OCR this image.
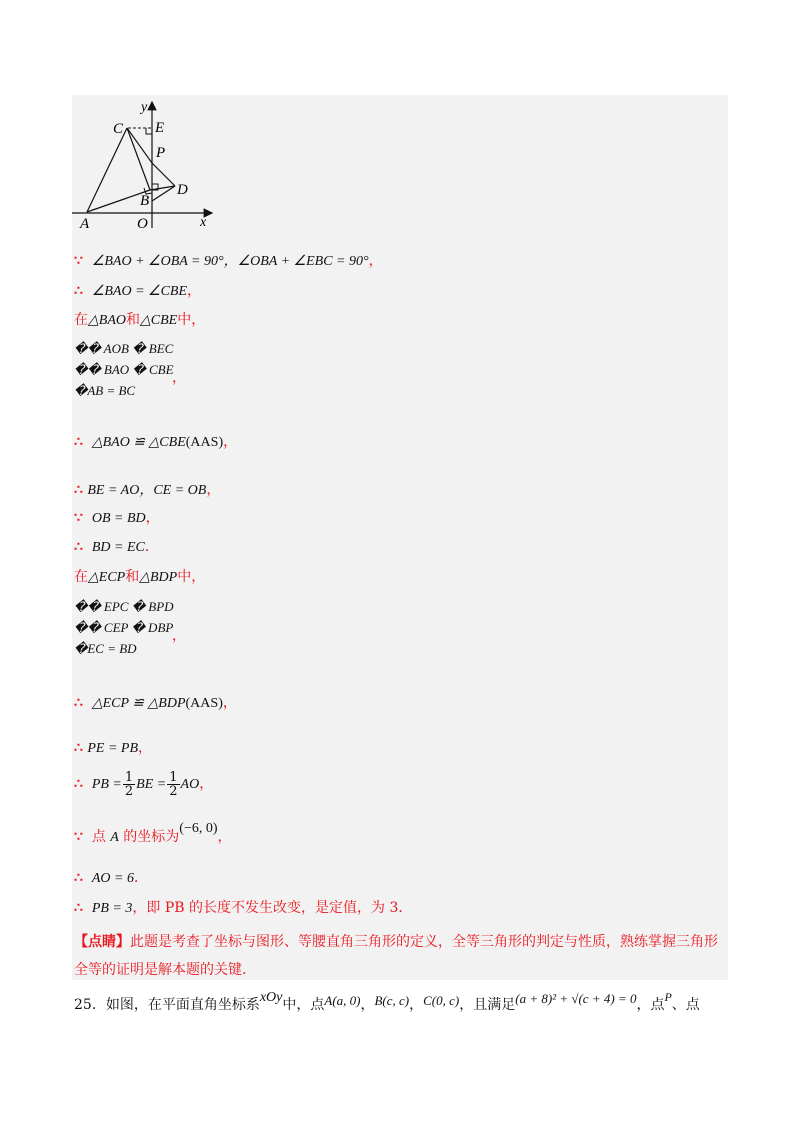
y
C E
P
D
B
A	O	x
∵ ∠BAO + ∠OBA = 90°，∠OBA + ∠EBC = 90°，
∴ ∠BAO = ∠CBE，
在△BAO和△CBE中，
�� AOB � BEC
�� BAO � CBE
�AB = BC
，
∴ △BAO ≌ △CBE(AAS)，
∴ BE = AO，CE = OB，
∵ OB = BD，
∴ BD = EC．
在△ECP和△BDP中，
�� EPC � BPD
�� CEP � DBP
�EC = BD
，
∴ △ECP ≌ △BDP(AAS)，
∴ PE = PB，
∴ PB = $\frac{1}{2}$ BE = $\frac{1}{2}$ AO，
∵ 点 A 的坐标为(−6, 0)，
∴ AO = 6．
∴ PB = 3，即 PB 的长度不发生改变，是定值，为 3．
【点睛】此题是考查了坐标与图形、等腰直角三角形的定义，全等三角形的判定与性质，熟练掌握三角形
全等的证明是解本题的关键．
25．如图，在平面直角坐标系xOy中，点A(a, 0)，B(c, c)，C(0, c)，且满足(a + 8)² + √(c + 4) = 0，点P、点
